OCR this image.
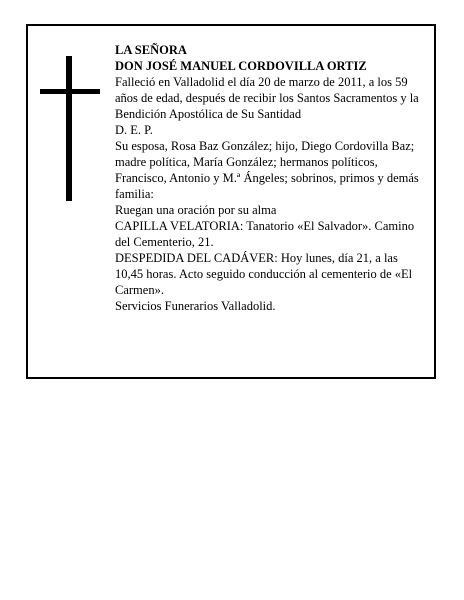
LA SEÑORA

DON JOSÉ MANUEL CORDOVILLA ORTIZ

Falleció en Valladolid el día 20 de marzo de 2011, a los 59 años de edad, después de recibir los Santos Sacramentos y la Bendición Apostólica de Su Santidad

D. E. P.

Su esposa, Rosa Baz González; hijo, Diego Cordovilla Baz; madre política, María González; hermanos políticos, Francisco, Antonio y M.ª Ángeles; sobrinos, primos y demás familia:

Ruegan una oración por su alma

CAPILLA VELATORIA: Tanatorio «El Salvador». Camino del Cementerio, 21.

DESPEDIDA DEL CADÁVER: Hoy lunes, día 21, a las 10,45 horas. Acto seguido conducción al cementerio de «El Carmen».

Servicios Funerarios Valladolid.
